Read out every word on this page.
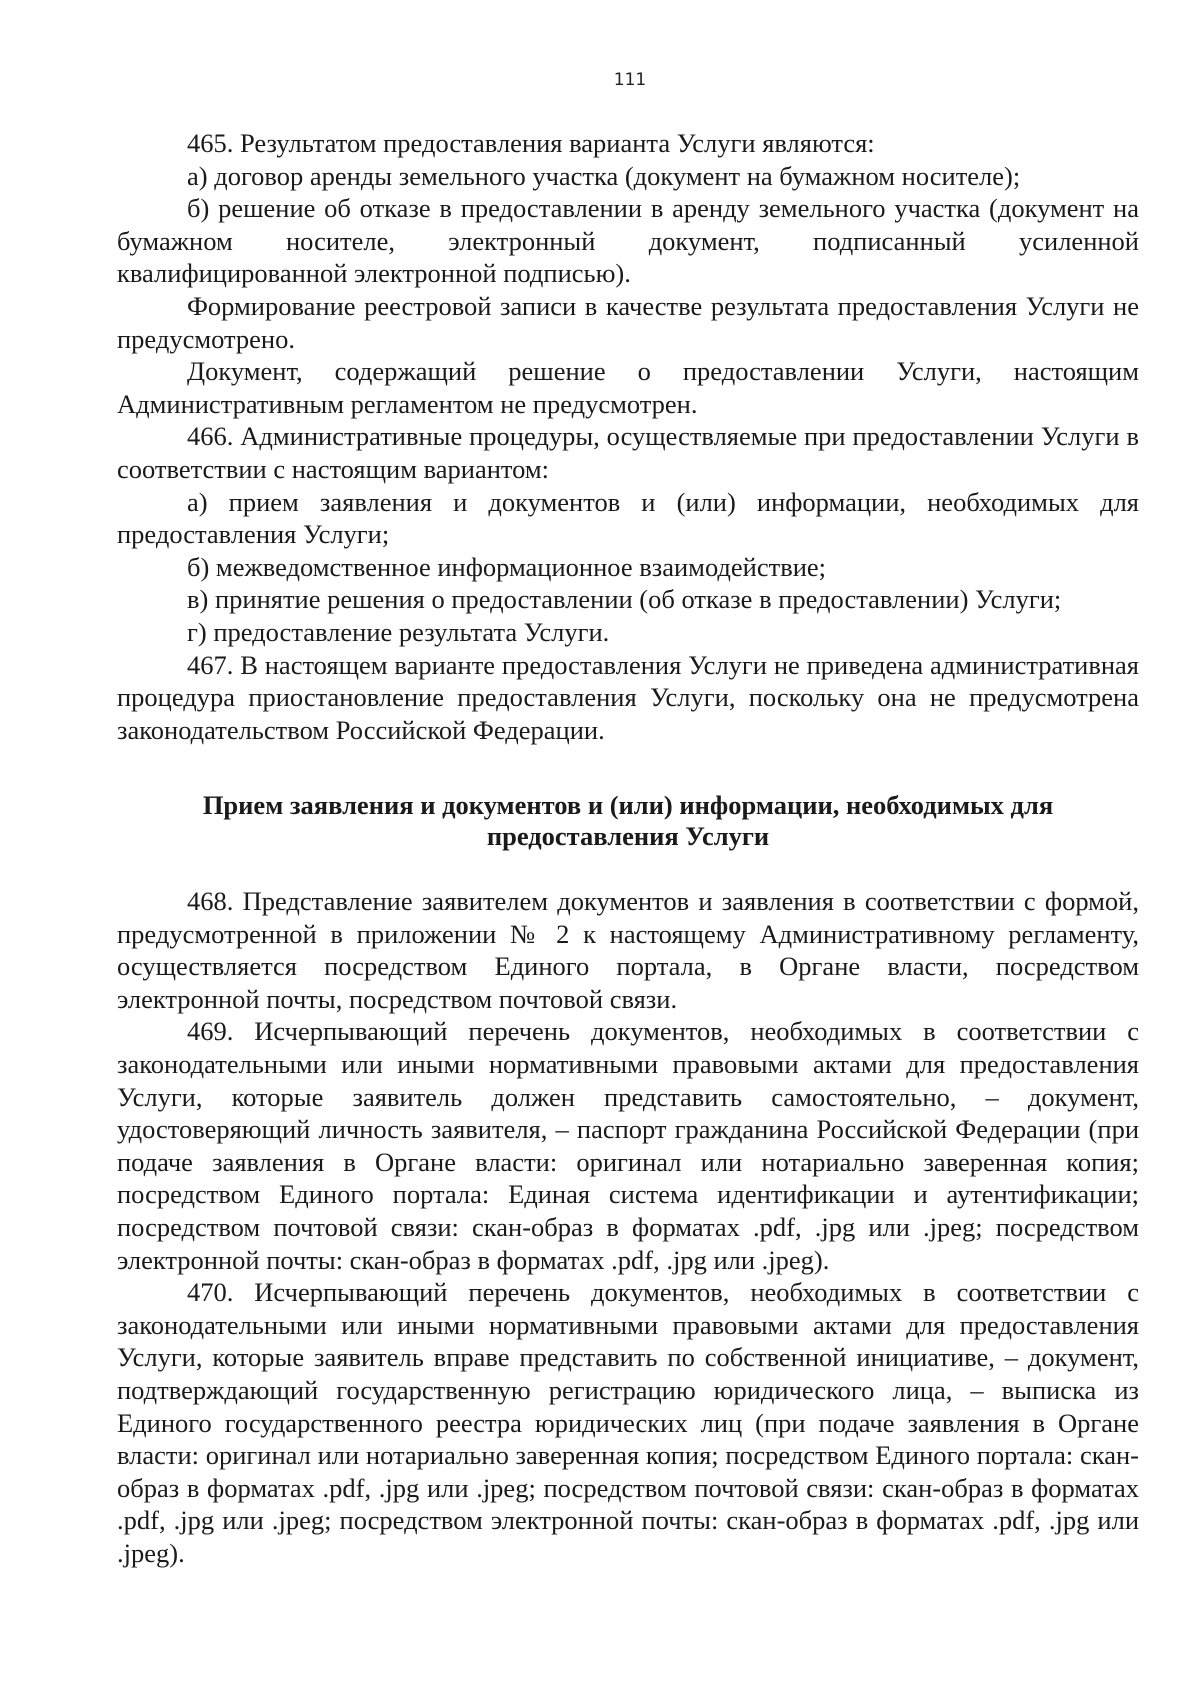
111

465. Результатом предоставления варианта Услуги являются:

а) договор аренды земельного участка (документ на бумажном носителе);

б) решение об отказе в предоставлении в аренду земельного участка (документ на бумажном носителе, электронный документ, подписанный усиленной квалифицированной электронной подписью).

Формирование реестровой записи в качестве результата предоставления Услуги не предусмотрено.

Документ, содержащий решение о предоставлении Услуги, настоящим Административным регламентом не предусмотрен.

466. Административные процедуры, осуществляемые при предоставлении Услуги в соответствии с настоящим вариантом:

а) прием заявления и документов и (или) информации, необходимых для предоставления Услуги;

б) межведомственное информационное взаимодействие;

в) принятие решения о предоставлении (об отказе в предоставлении) Услуги;

г) предоставление результата Услуги.

467. В настоящем варианте предоставления Услуги не приведена административная процедура приостановление предоставления Услуги, поскольку она не предусмотрена законодательством Российской Федерации.

Прием заявления и документов и (или) информации, необходимых для
предоставления Услуги

468. Представление заявителем документов и заявления в соответствии с формой, предусмотренной в приложении № 2 к настоящему Административному регламенту, осуществляется посредством Единого портала, в Органе власти, посредством электронной почты, посредством почтовой связи.

469. Исчерпывающий перечень документов, необходимых в соответствии с законодательными или иными нормативными правовыми актами для предоставления Услуги, которые заявитель должен представить самостоятельно, – документ, удостоверяющий личность заявителя, – паспорт гражданина Российской Федерации (при подаче заявления в Органе власти: оригинал или нотариально заверенная копия; посредством Единого портала: Единая система идентификации и аутентификации; посредством почтовой связи: скан-образ в форматах .pdf, .jpg или .jpeg; посредством электронной почты: скан-образ в форматах .pdf, .jpg или .jpeg).

470. Исчерпывающий перечень документов, необходимых в соответствии с законодательными или иными нормативными правовыми актами для предоставления Услуги, которые заявитель вправе представить по собственной инициативе, – документ, подтверждающий государственную регистрацию юридического лица, – выписка из Единого государственного реестра юридических лиц (при подаче заявления в Органе власти: оригинал или нотариально заверенная копия; посредством Единого портала: скан-образ в форматах .pdf, .jpg или .jpeg; посредством почтовой связи: скан-образ в форматах .pdf, .jpg или .jpeg; посредством электронной почты: скан-образ в форматах .pdf, .jpg или .jpeg).
